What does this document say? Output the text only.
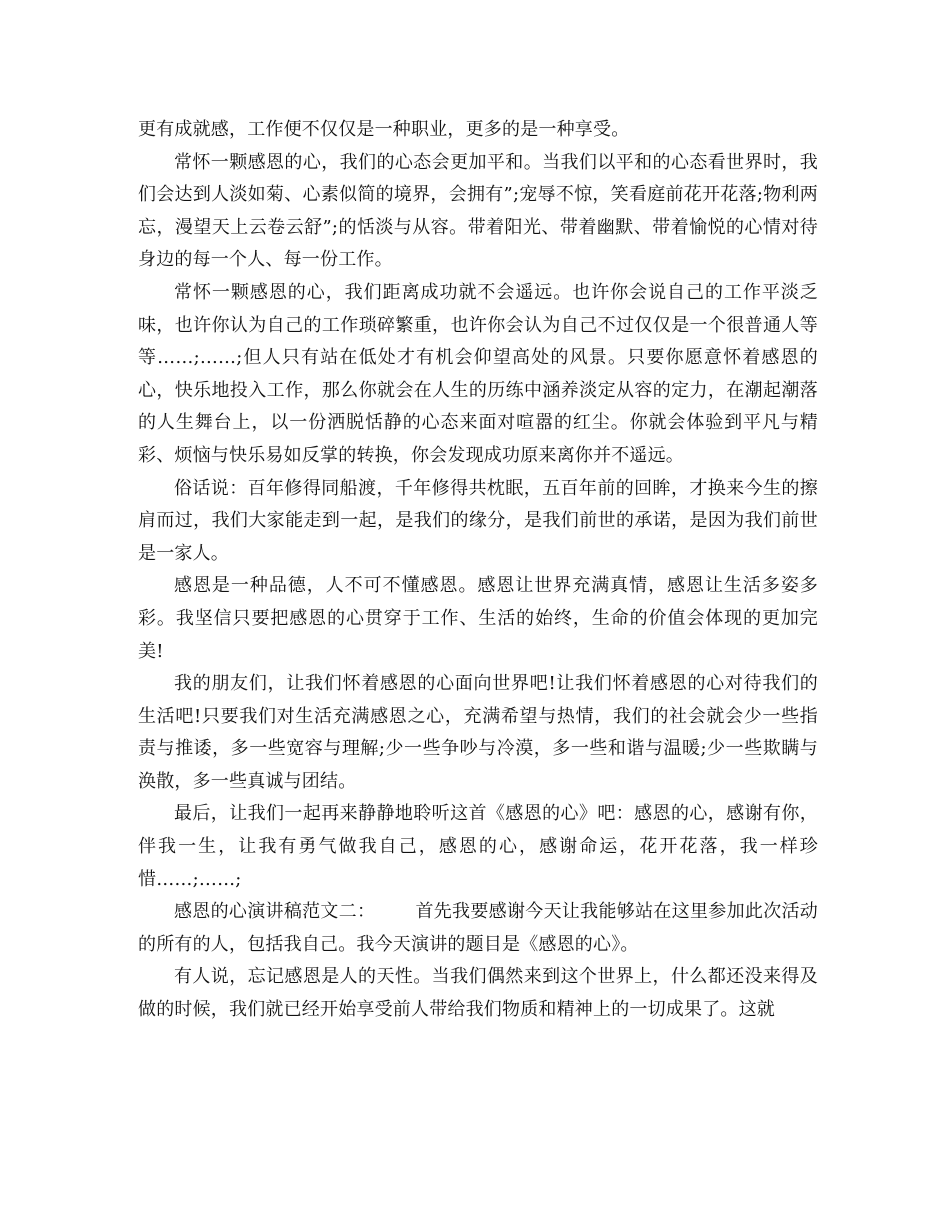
更有成就感，工作便不仅仅是一种职业，更多的是一种享受。

常怀一颗感恩的心，我们的心态会更加平和。当我们以平和的心态看世界时，我们会达到人淡如菊、心素似简的境界，会拥有”;宠辱不惊，笑看庭前花开花落;物利两忘，漫望天上云卷云舒”;的恬淡与从容。带着阳光、带着幽默、带着愉悦的心情对待身边的每一个人、每一份工作。

常怀一颗感恩的心，我们距离成功就不会遥远。也许你会说自己的工作平淡乏味，也许你认为自己的工作琐碎繁重，也许你会认为自己不过仅仅是一个很普通人等等……;……;但人只有站在低处才有机会仰望高处的风景。只要你愿意怀着感恩的心，快乐地投入工作，那么你就会在人生的历练中涵养淡定从容的定力，在潮起潮落的人生舞台上，以一份洒脱恬静的心态来面对喧嚣的红尘。你就会体验到平凡与精彩、烦恼与快乐易如反掌的转换，你会发现成功原来离你并不遥远。

俗话说：百年修得同船渡，千年修得共枕眠，五百年前的回眸，才换来今生的擦肩而过，我们大家能走到一起，是我们的缘分，是我们前世的承诺，是因为我们前世是一家人。

感恩是一种品德，人不可不懂感恩。感恩让世界充满真情，感恩让生活多姿多彩。我坚信只要把感恩的心贯穿于工作、生活的始终，生命的价值会体现的更加完美!

我的朋友们，让我们怀着感恩的心面向世界吧!让我们怀着感恩的心对待我们的生活吧!只要我们对生活充满感恩之心，充满希望与热情，我们的社会就会少一些指责与推诿，多一些宽容与理解;少一些争吵与冷漠，多一些和谐与温暖;少一些欺瞒与涣散，多一些真诚与团结。

最后，让我们一起再来静静地聆听这首《感恩的心》吧：感恩的心，感谢有你，伴我一生，让我有勇气做我自己，感恩的心，感谢命运，花开花落，我一样珍惜……;……;

感恩的心演讲稿范文二： 首先我要感谢今天让我能够站在这里参加此次活动的所有的人，包括我自己。我今天演讲的题目是《感恩的心》。

有人说，忘记感恩是人的天性。当我们偶然来到这个世界上，什么都还没来得及做的时候，我们就已经开始享受前人带给我们物质和精神上的一切成果了。这就
